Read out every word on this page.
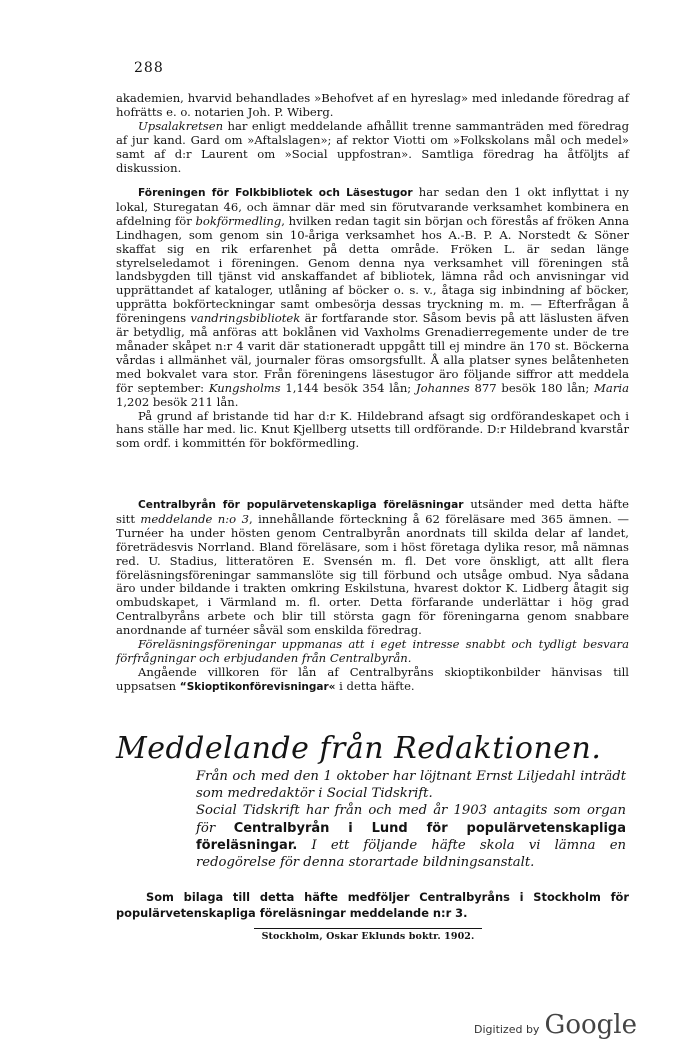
288

akademien, hvarvid behandlades »Behofvet af en hyreslag» med inledande föredrag af hofrätts e. o. notarien Joh. P. Wiberg.

Upsalakretsen har enligt meddelande afhållit trenne sammanträden med föredrag af jur kand. Gard om »Aftalslagen»; af rektor Viotti om »Folkskolans mål och medel» samt af d:r Laurent om »Social uppfostran». Samtliga föredrag ha åtföljts af diskussion.

Föreningen för Folkbibliotek och Läsestugor har sedan den 1 okt inflyttat i ny lokal, Sturegatan 46, och ämnar där med sin förutvarande verksamhet kombinera en afdelning för bokförmedling, hvilken redan tagit sin början och förestås af fröken Anna Lindhagen, som genom sin 10-åriga verksamhet hos A.-B. P. A. Norstedt & Söner skaffat sig en rik erfarenhet på detta område. Fröken L. är sedan länge styrelseledamot i föreningen. Genom denna nya verksamhet vill föreningen stå landsbygden till tjänst vid anskaffandet af bibliotek, lämna råd och anvisningar vid upprättandet af kataloger, utlåning af böcker o. s. v., åtaga sig inbindning af böcker, upprätta bokförteckningar samt ombesörja dessas tryckning m. m. — Efterfrågan å föreningens vandringsbibliotek är fortfarande stor. Såsom bevis på att läslusten äfven är betydlig, må anföras att boklånen vid Vaxholms Grenadierregemente under de tre månader skåpet n:r 4 varit där stationeradt uppgått till ej mindre än 170 st. Böckerna vårdas i allmänhet väl, journaler föras omsorgsfullt. Å alla platser synes belåtenheten med bokvalet vara stor. Från föreningens läsestugor äro följande siffror att meddela för september: Kungsholms 1,144 besök 354 lån; Johannes 877 besök 180 lån; Maria 1,202 besök 211 lån.

På grund af bristande tid har d:r K. Hildebrand afsagt sig ordförandeskapet och i hans ställe har med. lic. Knut Kjellberg utsetts till ordförande. D:r Hildebrand kvarstår som ordf. i kommittén för bokförmedling.

Centralbyrån för populärvetenskapliga föreläsningar utsänder med detta häfte sitt meddelande n:o 3, innehållande förteckning å 62 föreläsare med 365 ämnen. — Turnéer ha under hösten genom Centralbyrån anordnats till skilda delar af landet, företrädesvis Norrland. Bland föreläsare, som i höst företaga dylika resor, må nämnas red. U. Stadius, litteratören E. Svensén m. fl. Det vore önskligt, att allt flera föreläsningsföreningar sammanslöte sig till förbund och utsåge ombud. Nya sådana äro under bildande i trakten omkring Eskilstuna, hvarest doktor K. Lidberg åtagit sig ombudskapet, i Värmland m. fl. orter. Detta förfarande underlättar i hög grad Centralbyråns arbete och blir till största gagn för föreningarna genom snabbare anordnande af turnéer såväl som enskilda föredrag.

Föreläsningsföreningar uppmanas att i eget intresse snabbt och tydligt besvara förfrågningar och erbjudanden från Centralbyrån.

Angående villkoren för lån af Centralbyråns skioptikonbilder hänvisas till uppsatsen “Skioptikonförevisningar« i detta häfte.

Meddelande från Redaktionen.
Från och med den 1 oktober har löjtnant Ernst Liljedahl inträdt som medredaktör i Social Tidskrift.
Social Tidskrift har från och med år 1903 antagits som organ för Centralbyrån i Lund för populärvetenskapliga föreläsningar. I ett följande häfte skola vi lämna en redogörelse för denna storartade bildningsanstalt.
Som bilaga till detta häfte medföljer Centralbyråns i Stockholm för populärvetenskapliga föreläsningar meddelande n:r 3.
Stockholm, Oskar Eklunds boktr. 1902.
Digitized by Google
